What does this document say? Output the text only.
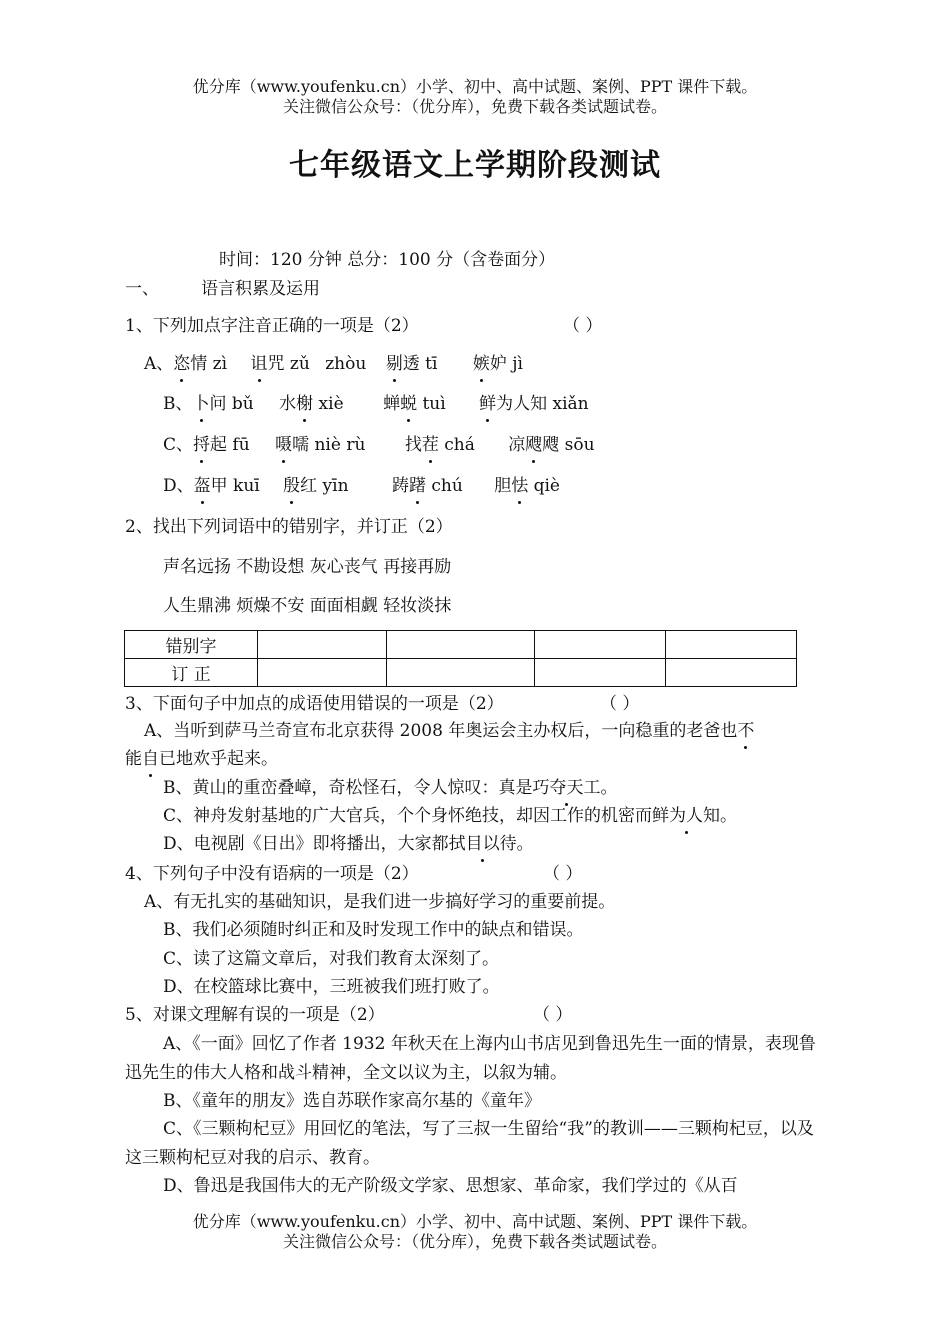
优分库（www.youfenku.cn）小学、初中、高中试题、案例、PPT 课件下载。
关注微信公众号：（优分库），免费下载各类试题试卷。
七年级语文上学期阶段测试
时间：120 分钟 总分：100 分（含卷面分）
一、 语言积累及运用
1、下列加点字注音正确的一项是（2）	（ ）
A、恣情 zì 诅咒 zǔ zhòu 剔透 tī 嫉妒 jì
B、卜问 bǔ 水榭 xiè 蝉蜕 tuì 鲜为人知 xiǎn
C、捋起 fū 嗫嚅 niè rù 找茬 chá 凉飕飕 sōu
D、盔甲 kuī 殷红 yīn	踌躇 chú 胆怯 qiè
2、找出下列词语中的错别字，并订正（2）
声名远扬 不勘设想 灰心丧气 再接再励
人生鼎沸 烦燥不安 面面相觑 轻妆淡抹
错别字				
订 正				
3、下面句子中加点的成语使用错误的一项是（2）	（ ）
A、当听到萨马兰奇宣布北京获得 2008 年奥运会主办权后，一向稳重的老爸也不
能自已地欢乎起来。
B、黄山的重峦叠嶂，奇松怪石，令人惊叹：真是巧夺天工。
C、神舟发射基地的广大官兵，个个身怀绝技，却因工作的机密而鲜为人知。
D、电视剧《日出》即将播出，大家都拭目以待。
4、下列句子中没有语病的一项是（2）	（ ）
A、有无扎实的基础知识，是我们进一步搞好学习的重要前提。
B、我们必须随时纠正和及时发现工作中的缺点和错误。
C、读了这篇文章后，对我们教育太深刻了。
D、在校篮球比赛中，三班被我们班打败了。
5、对课文理解有误的一项是（2）	（ ）
A、《一面》回忆了作者 1932 年秋天在上海内山书店见到鲁迅先生一面的情景，表现鲁迅先生的伟大人格和战斗精神，全文以议为主，以叙为辅。
B、《童年的朋友》选自苏联作家高尔基的《童年》
C、《三颗枸杞豆》用回忆的笔法，写了三叔一生留给“我”的教训——三颗枸杞豆，以及这三颗枸杞豆对我的启示、教育。
D、鲁迅是我国伟大的无产阶级文学家、思想家、革命家，我们学过的《从百
优分库（www.youfenku.cn）小学、初中、高中试题、案例、PPT 课件下载。
关注微信公众号：（优分库），免费下载各类试题试卷。
